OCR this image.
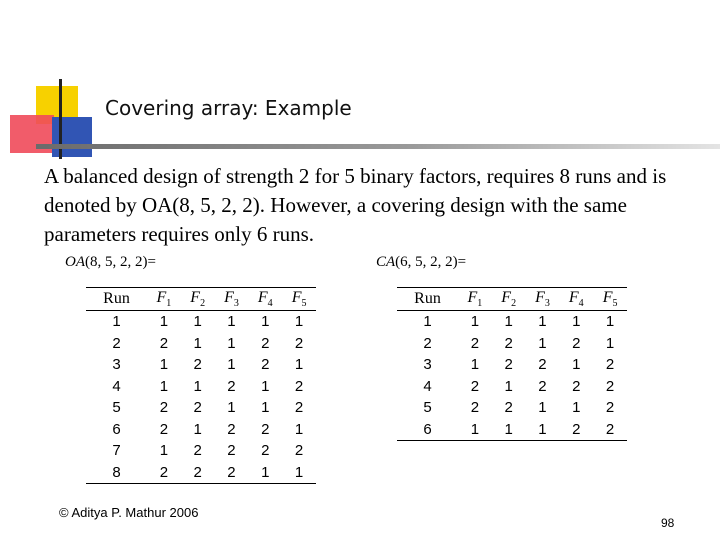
Covering array: Example
A balanced design of strength 2 for 5 binary factors, requires 8 runs and is denoted by OA(8, 5, 2, 2). However, a covering design with the same parameters requires only 6 runs.
OA(8, 5, 2, 2)=	CA(6, 5, 2, 2)=
Run	$F_1$	$F_2$	$F_3$	$F_4$	$F_5$
1	1	1	1	1	1
2	2	1	1	2	2
3	1	2	1	2	1
4	1	1	2	1	2
5	2	2	1	1	2
6	2	1	2	2	1
7	1	2	2	2	2
8	2	2	2	1	1
Run	$F_1$	$F_2$	$F_3$	$F_4$	$F_5$
1	1	1	1	1	1
2	2	2	1	2	1
3	1	2	2	1	2
4	2	1	2	2	2
5	2	2	1	1	2
6	1	1	1	2	2
© Aditya P. Mathur 2006
98
